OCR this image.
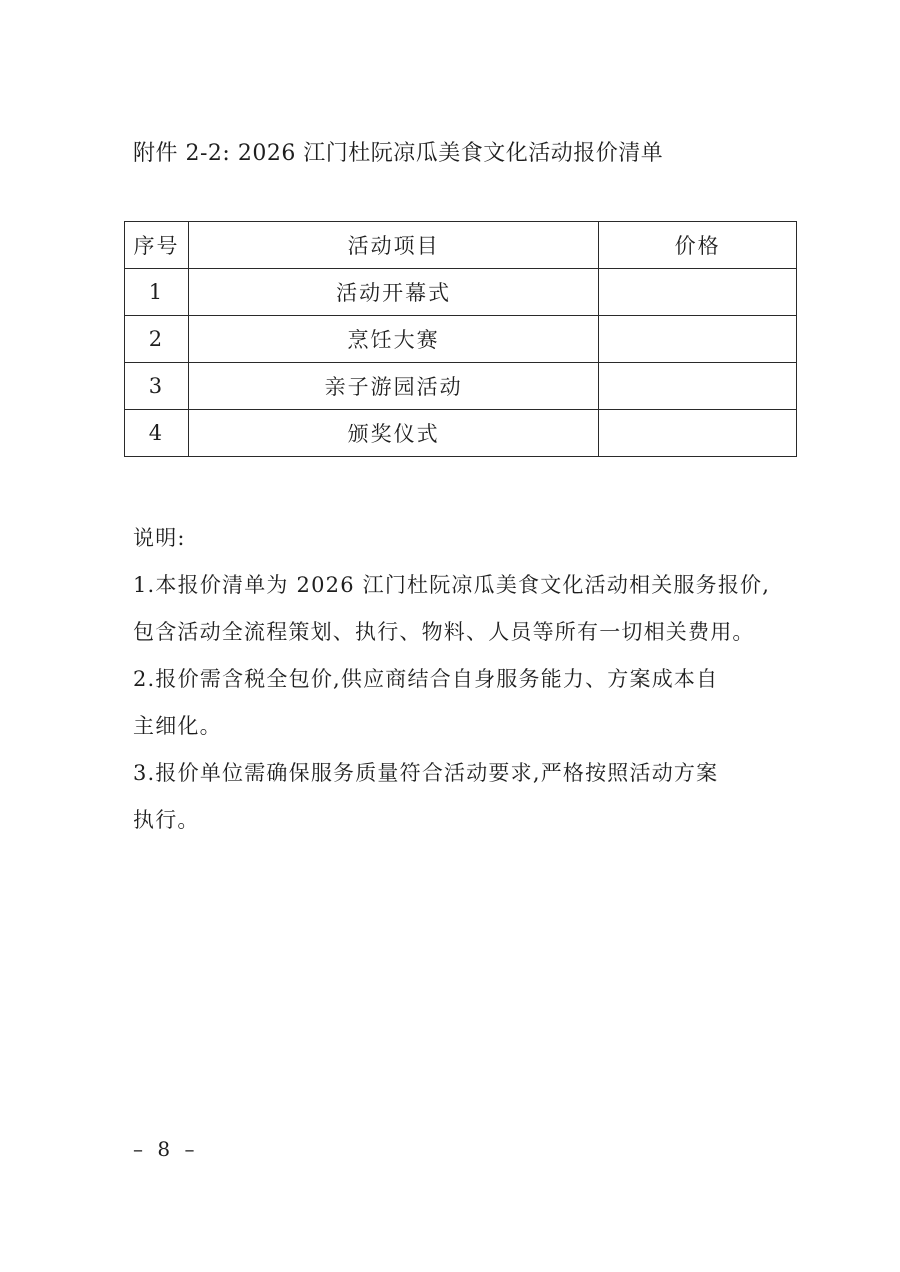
附件 2-2: 2026 江门杜阮凉瓜美食文化活动报价清单
序号	活动项目	价格
1	活动开幕式	
2	烹饪大赛	
3	亲子游园活动	
4	颁奖仪式	

说明:

1.本报价清单为 2026 江门杜阮凉瓜美食文化活动相关服务报价,

包含活动全流程策划、执行、物料、人员等所有一切相关费用。

2.报价需含税全包价,供应商结合自身服务能力、方案成本自

主细化。

3.报价单位需确保服务质量符合活动要求,严格按照活动方案

执行。

– 8 –
